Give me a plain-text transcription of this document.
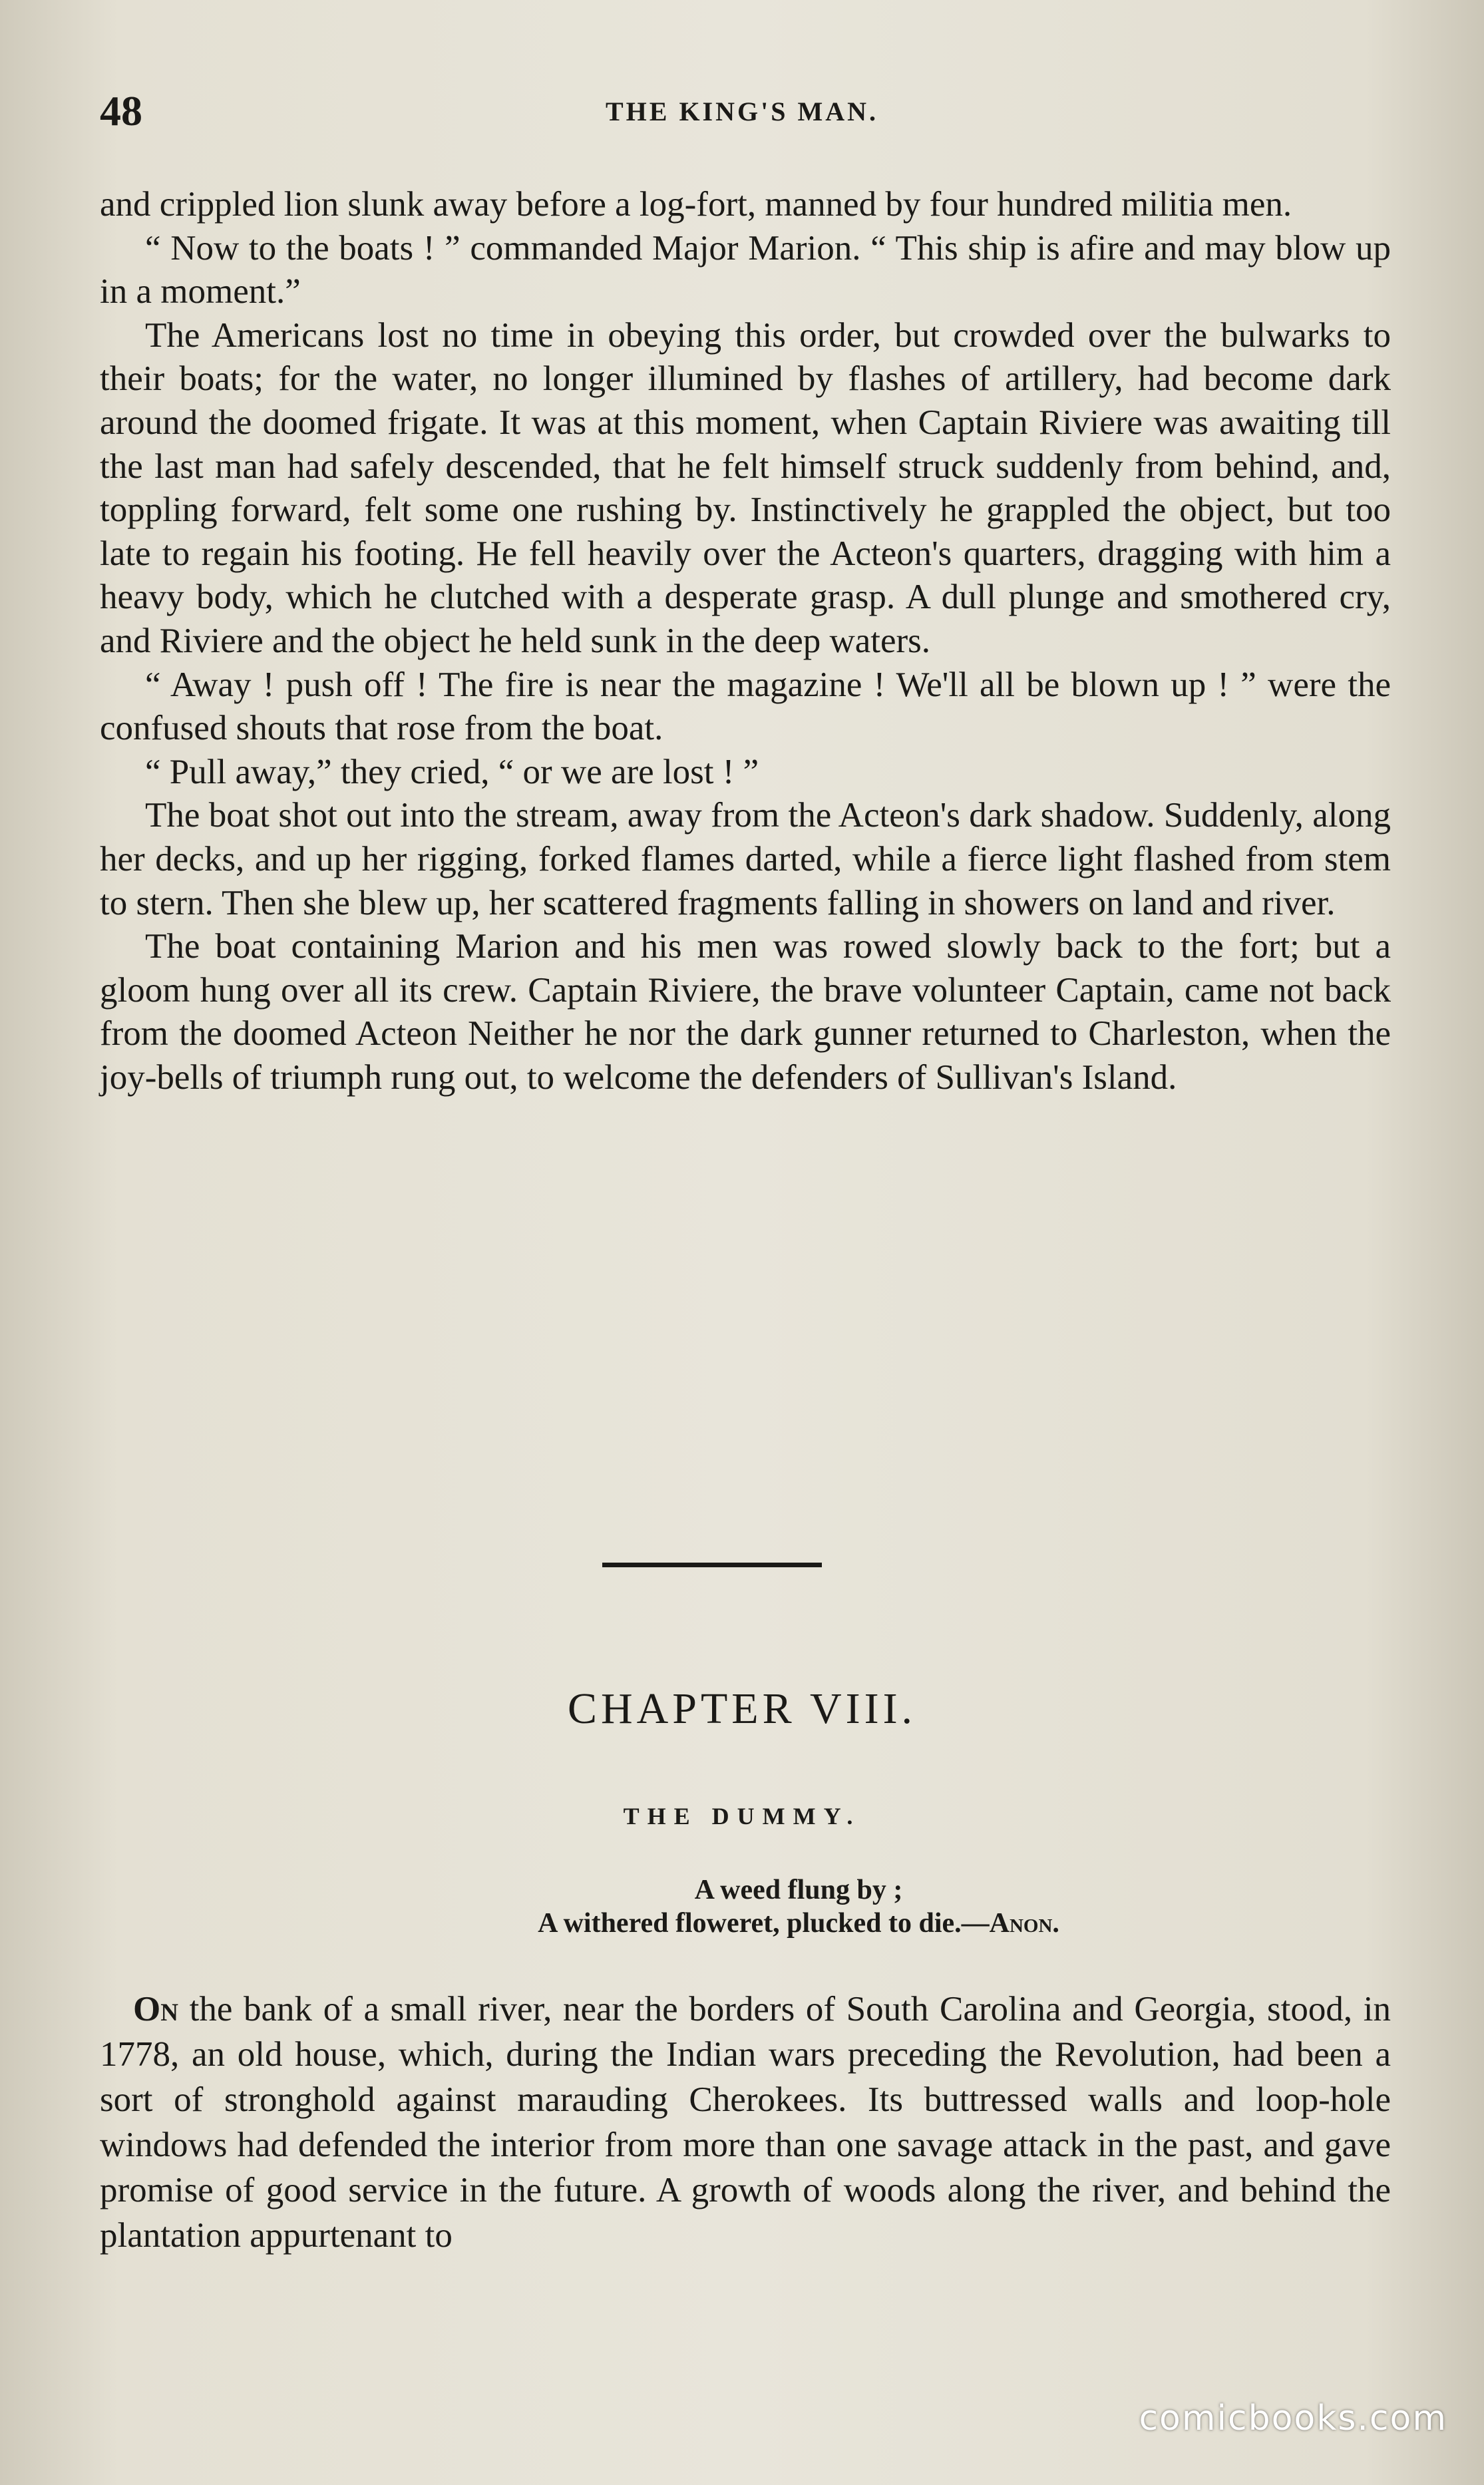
48	THE KING'S MAN.

and crippled lion slunk away before a log-fort, manned by four hundred militia men.

“ Now to the boats ! ” commanded Major Marion. “ This ship is afire and may blow up in a moment.”

The Americans lost no time in obeying this order, but crowded over the bulwarks to their boats; for the water, no longer illumined by flashes of artillery, had become dark around the doomed frigate. It was at this moment, when Captain Riviere was awaiting till the last man had safely descended, that he felt himself struck suddenly from behind, and, toppling forward, felt some one rushing by. Instinctively he grappled the object, but too late to regain his footing. He fell heavily over the Acteon's quarters, dragging with him a heavy body, which he clutched with a desperate grasp. A dull plunge and smothered cry, and Riviere and the object he held sunk in the deep waters.

“ Away ! push off ! The fire is near the magazine ! We'll all be blown up ! ” were the confused shouts that rose from the boat.

“ Pull away,” they cried, “ or we are lost ! ”

The boat shot out into the stream, away from the Acteon's dark shadow. Suddenly, along her decks, and up her rigging, forked flames darted, while a fierce light flashed from stem to stern. Then she blew up, her scattered fragments falling in showers on land and river.

The boat containing Marion and his men was rowed slowly back to the fort; but a gloom hung over all its crew. Captain Riviere, the brave volunteer Captain, came not back from the doomed Acteon Neither he nor the dark gunner returned to Charleston, when the joy-bells of triumph rung out, to welcome the defenders of Sullivan's Island.

CHAPTER VIII.
THE DUMMY.
A weed flung by ;
A withered floweret, plucked to die.—Anon.

On the bank of a small river, near the borders of South Carolina and Georgia, stood, in 1778, an old house, which, during the Indian wars preceding the Revolution, had been a sort of stronghold against marauding Cherokees. Its buttressed walls and loop-hole windows had defended the interior from more than one savage attack in the past, and gave promise of good service in the future. A growth of woods along the river, and behind the plantation appurtenant to

comicbooks.com
